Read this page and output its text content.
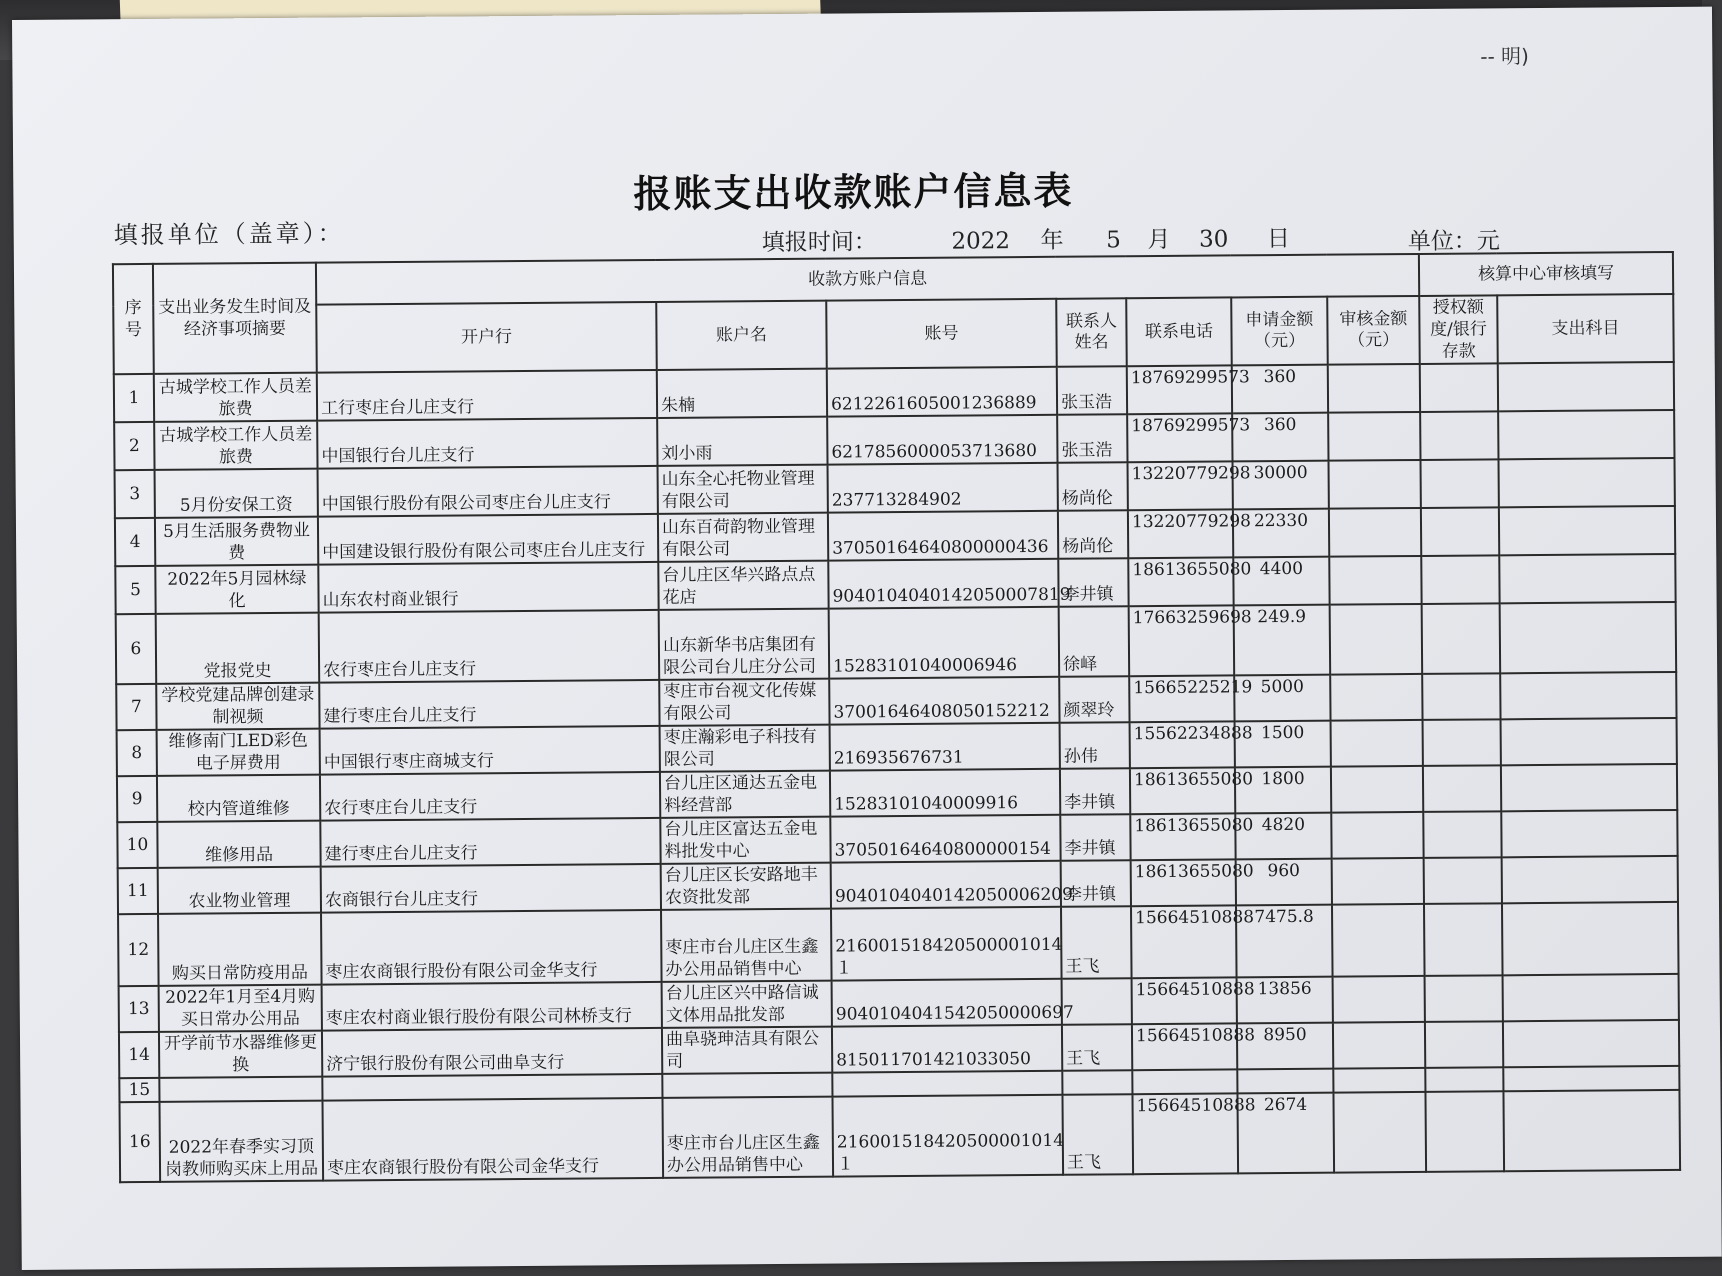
-- 明)
报账支出收款账户信息表
填报单位（盖章）：	填报时间：	2022 年 5 月 30 日	单位：元
序号	支出业务发生时间及经济事项摘要	收款方账户信息							核算中心审核填写	
		开户行	账户名	账号	联系人姓名	联系电话	申请金额（元）	审核金额（元）	授权额度/银行存款	支出科目
1	古城学校工作人员差旅费	工行枣庄台儿庄支行	朱楠	6212261605001236889	张玉浩	18769299573	360			
2	古城学校工作人员差旅费	中国银行台儿庄支行	刘小雨	6217856000053713680	张玉浩	18769299573	360			
3	5月份安保工资	中国银行股份有限公司枣庄台儿庄支行	山东全心托物业管理有限公司	237713284902	杨尚伦	13220779298	30000			
4	5月生活服务费物业费	中国建设银行股份有限公司枣庄台儿庄支行	山东百荷韵物业管理有限公司	37050164640800000436	杨尚伦	13220779298	22330			
5	2022年5月园林绿化	山东农村商业银行	台儿庄区华兴路点点花店	9040104040142050007819	李井镇	18613655080	4400			
6	党报党史	农行枣庄台儿庄支行	山东新华书店集团有限公司台儿庄分公司	15283101040006946	徐峄	17663259698	249.9			
7	学校党建品牌创建录制视频	建行枣庄台儿庄支行	枣庄市台视文化传媒有限公司	37001646408050152212	颜翠玲	15665225219	5000			
8	维修南门LED彩色电子屏费用	中国银行枣庄商城支行	枣庄瀚彩电子科技有限公司	216935676731	孙伟	15562234888	1500			
9	校内管道维修	农行枣庄台儿庄支行	台儿庄区通达五金电料经营部	15283101040009916	李井镇	18613655080	1800			
10	维修用品	建行枣庄台儿庄支行	台儿庄区富达五金电料批发中心	37050164640800000154	李井镇	18613655080	4820			
11	农业物业管理	农商银行台儿庄支行	台儿庄区长安路地丰农资批发部	9040104040142050006209	李井镇	18613655080	960			
12	购买日常防疫用品	枣庄农商银行股份有限公司金华支行	枣庄市台儿庄区生鑫办公用品销售中心	216001518420500001014１	王飞	15664510888	7475.8			
13	2022年1月至4月购买日常办公用品	枣庄农村商业银行股份有限公司林桥支行	台儿庄区兴中路信诚文体用品批发部	9040104041542050000697		15664510888	13856			
14	开学前节水器维修更换	济宁银行股份有限公司曲阜支行	曲阜骁珅洁具有限公司	815011701421033050	王飞	15664510888	8950			
15										
16	2022年春季实习顶岗教师购买床上用品	枣庄农商银行股份有限公司金华支行	枣庄市台儿庄区生鑫办公用品销售中心	216001518420500001014１	王飞	15664510888	2674			
